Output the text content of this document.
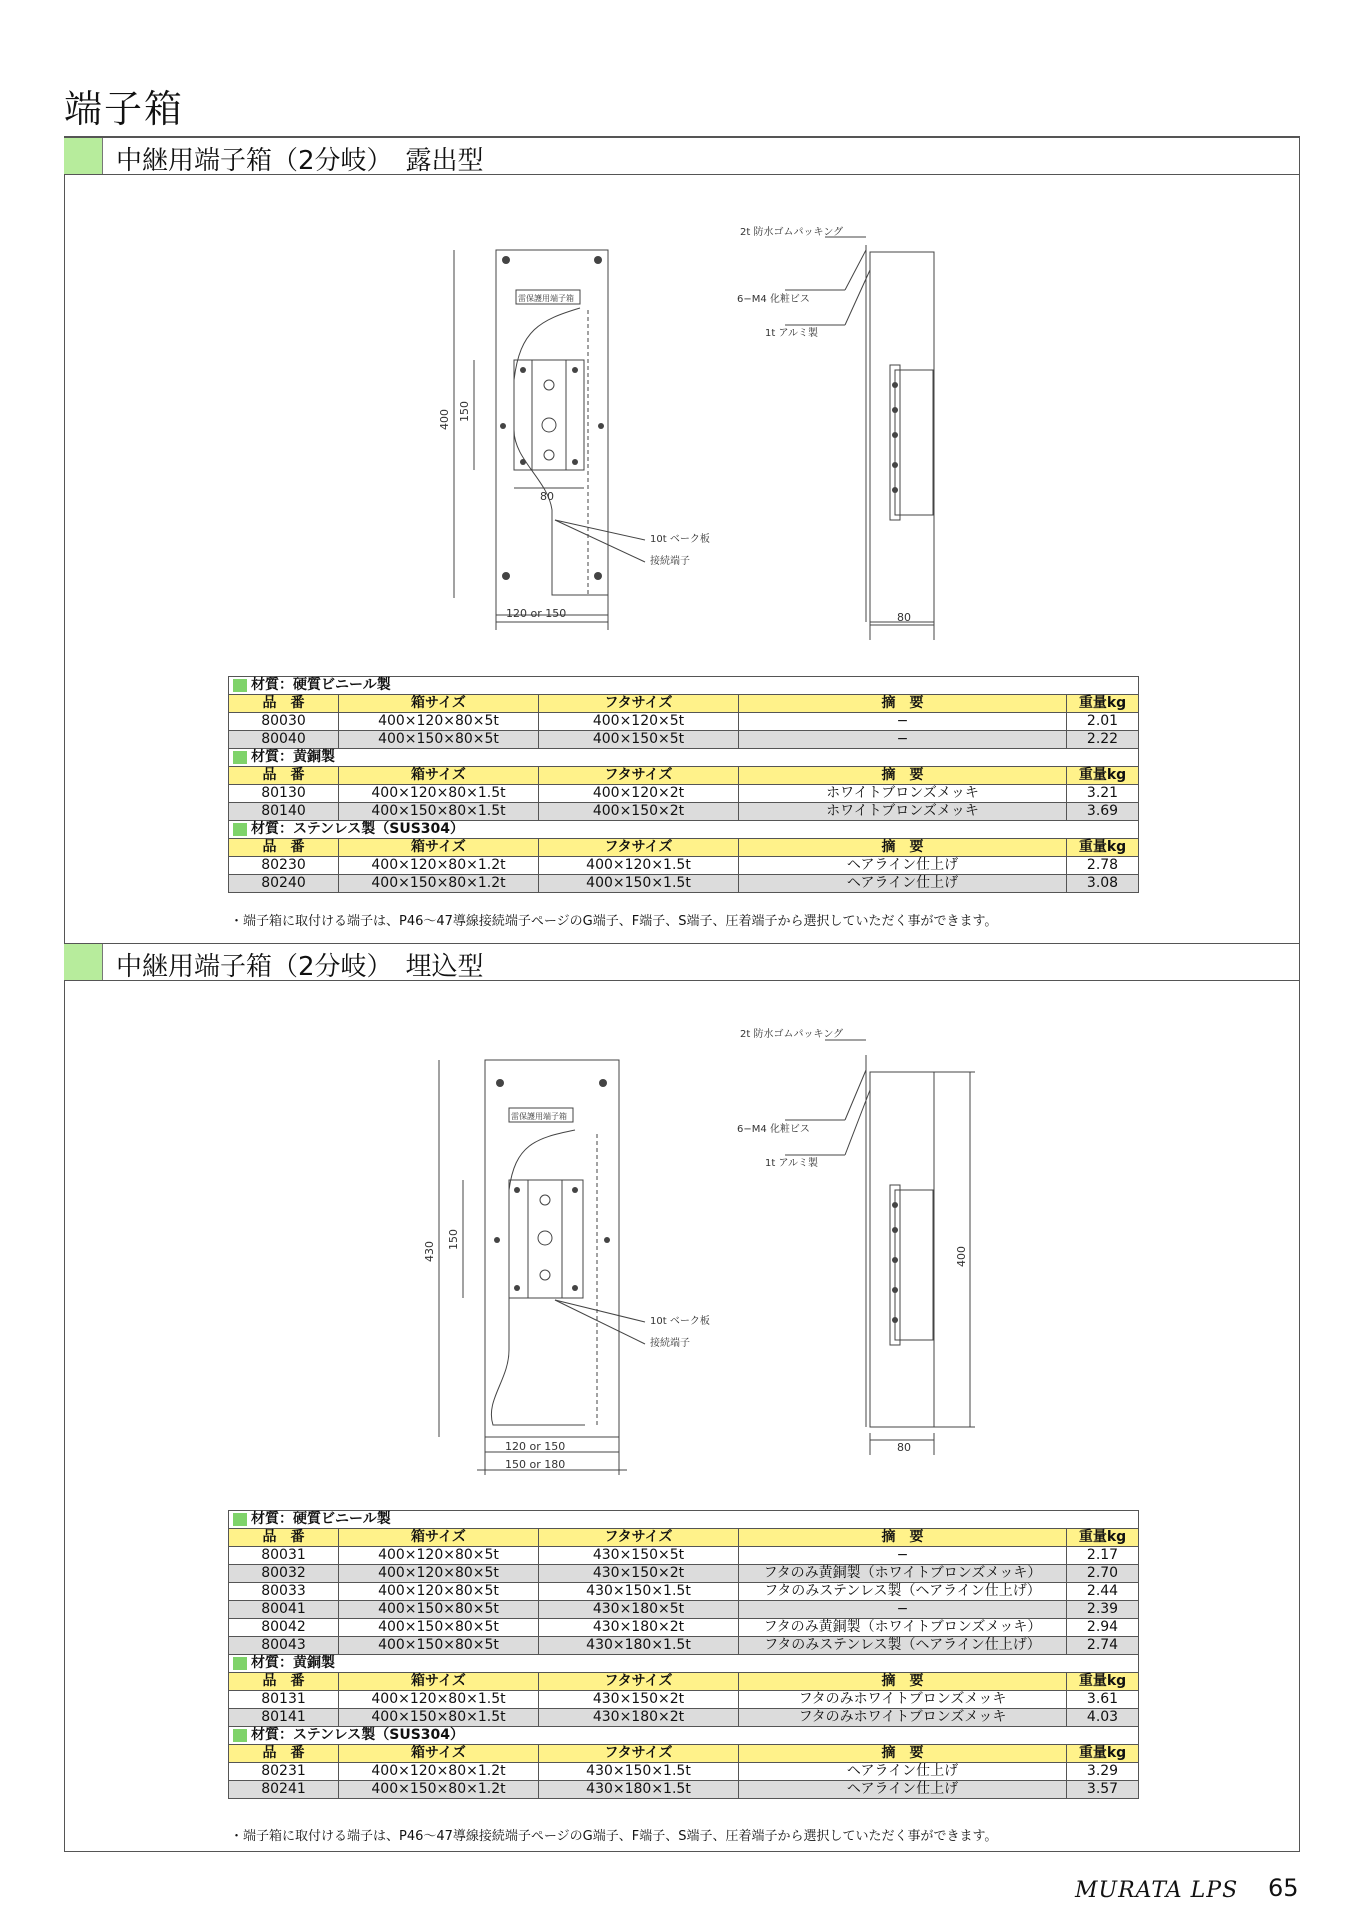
端子箱
中継用端子箱（2分岐）　露出型
雷保護用端子箱
400 150
80
120 or 150
10t ベーク板
接続端子
2t 防水ゴムパッキング
6−M4 化粧ビス
1t アルミ製
80
材質：硬質ビニール製				
品　番	箱サイズ	フタサイズ	摘　要	重量kg
80030	400×120×80×5t	400×120×5t	−	2.01
80040	400×150×80×5t	400×150×5t	−	2.22
材質：黄銅製				
品　番	箱サイズ	フタサイズ	摘　要	重量kg
80130	400×120×80×1.5t	400×120×2t	ホワイトブロンズメッキ	3.21
80140	400×150×80×1.5t	400×150×2t	ホワイトブロンズメッキ	3.69
材質：ステンレス製（SUS304）				
品　番	箱サイズ	フタサイズ	摘　要	重量kg
80230	400×120×80×1.2t	400×120×1.5t	ヘアライン仕上げ	2.78
80240	400×150×80×1.2t	400×150×1.5t	ヘアライン仕上げ	3.08
・端子箱に取付ける端子は、P46〜47導線接続端子ページのG端子、F端子、S端子、圧着端子から選択していただく事ができます。
中継用端子箱（2分岐）　埋込型
雷保護用端子箱
430
150
120 or 150
150 or 180
10t ベーク板
接続端子
2t 防水ゴムパッキング
6−M4 化粧ビス
1t アルミ製
80
400
材質：硬質ビニール製				
品　番	箱サイズ	フタサイズ	摘　要	重量kg
80031	400×120×80×5t	430×150×5t	−	2.17
80032	400×120×80×5t	430×150×2t	フタのみ黄銅製（ホワイトブロンズメッキ）	2.70
80033	400×120×80×5t	430×150×1.5t	フタのみステンレス製（ヘアライン仕上げ）	2.44
80041	400×150×80×5t	430×180×5t	−	2.39
80042	400×150×80×5t	430×180×2t	フタのみ黄銅製（ホワイトブロンズメッキ）	2.94
80043	400×150×80×5t	430×180×1.5t	フタのみステンレス製（ヘアライン仕上げ）	2.74
材質：黄銅製				
品　番	箱サイズ	フタサイズ	摘　要	重量kg
80131	400×120×80×1.5t	430×150×2t	フタのみホワイトブロンズメッキ	3.61
80141	400×150×80×1.5t	430×180×2t	フタのみホワイトブロンズメッキ	4.03
材質：ステンレス製（SUS304）				
品　番	箱サイズ	フタサイズ	摘　要	重量kg
80231	400×120×80×1.2t	430×150×1.5t	ヘアライン仕上げ	3.29
80241	400×150×80×1.2t	430×180×1.5t	ヘアライン仕上げ	3.57
・端子箱に取付ける端子は、P46〜47導線接続端子ページのG端子、F端子、S端子、圧着端子から選択していただく事ができます。
MURATA LPS 65
